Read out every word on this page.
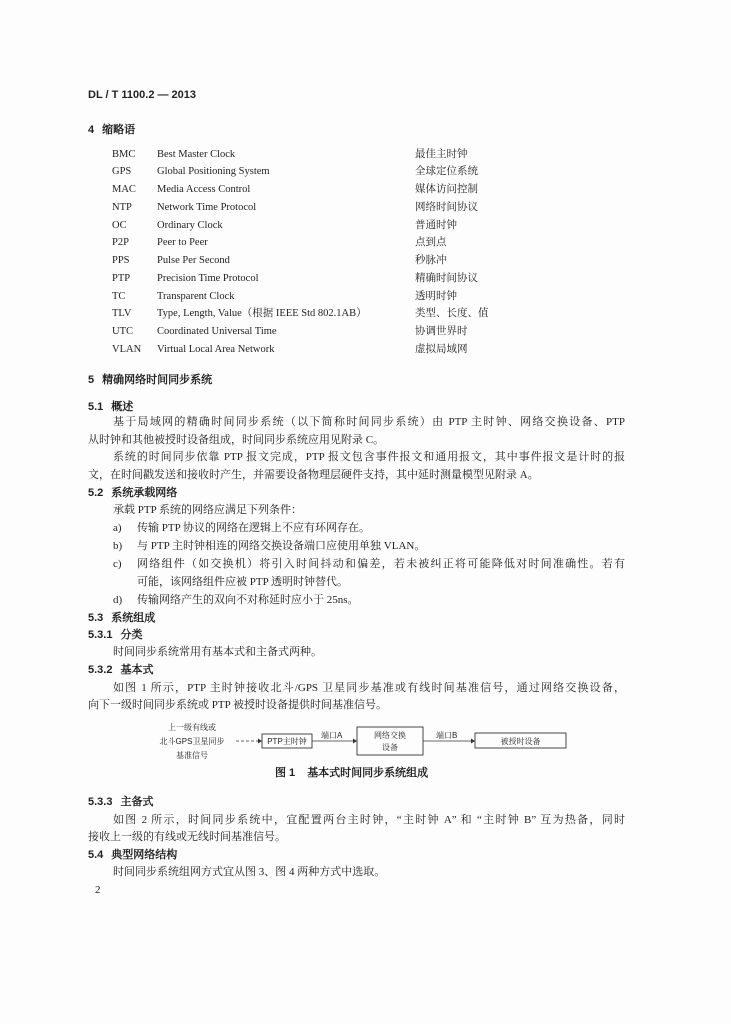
DL / T 1100.2 — 2013
4 缩略语
BMC Best Master Clock	最佳主时钟
GPS Global Positioning System	全球定位系统
MAC Media Access Control	媒体访问控制
NTP Network Time Protocol	网络时间协议
OC	Ordinary Clock	普通时钟
P2P	Peer to Peer	点到点
PPS	Pulse Per Second	秒脉冲
PTP	Precision Time Protocol	精确时间协议
TC	Transparent Clock	透明时钟
TLV Type, Length, Value（根据 IEEE Std 802.1AB）	类型、长度、值
UTC Coordinated Universal Time	协调世界时
VLAN Virtual Local Area Network	虚拟局域网
5 精确网络时间同步系统
5.1 概述
基于局域网的精确时间同步系统（以下简称时间同步系统）由 PTP 主时钟、网络交换设备、PTP
从时钟和其他被授时设备组成，时间同步系统应用见附录 C。
系统的时间同步依靠 PTP 报文完成，PTP 报文包含事件报文和通用报文，其中事件报文是计时的报
文，在时间戳发送和接收时产生，并需要设备物理层硬件支持，其中延时测量模型见附录 A。
5.2 系统承载网络
承载 PTP 系统的网络应满足下列条件：
a) 传输 PTP 协议的网络在逻辑上不应有环网存在。
b) 与 PTP 主时钟相连的网络交换设备端口应使用单独 VLAN。
c) 网络组件（如交换机）将引入时间抖动和偏差，若未被纠正将可能降低对时间准确性。若有
可能，该网络组件应被 PTP 透明时钟替代。
d) 传输网络产生的双向不对称延时应小于 25ns。
5.3 系统组成
5.3.1 分类
时间同步系统常用有基本式和主备式两种。
5.3.2 基本式
如图 1 所示，PTP 主时钟接收北斗/GPS 卫星同步基准或有线时间基准信号，通过网络交换设备，
向下一级时间同步系统或 PTP 被授时设备提供时间基准信号。
上一级有线或
北斗GPS卫星同步
基准信号
PTP主时钟
端口A	网络交换
设备
端口B
被授时设备
图 1 基本式时间同步系统组成
5.3.3 主备式
如图 2 所示，时间同步系统中，宜配置两台主时钟，“主时钟 A” 和 “主时钟 B” 互为热备，同时
接收上一级的有线或无线时间基准信号。
5.4 典型网络结构
时间同步系统组网方式宜从图 3、图 4 两种方式中选取。
2
